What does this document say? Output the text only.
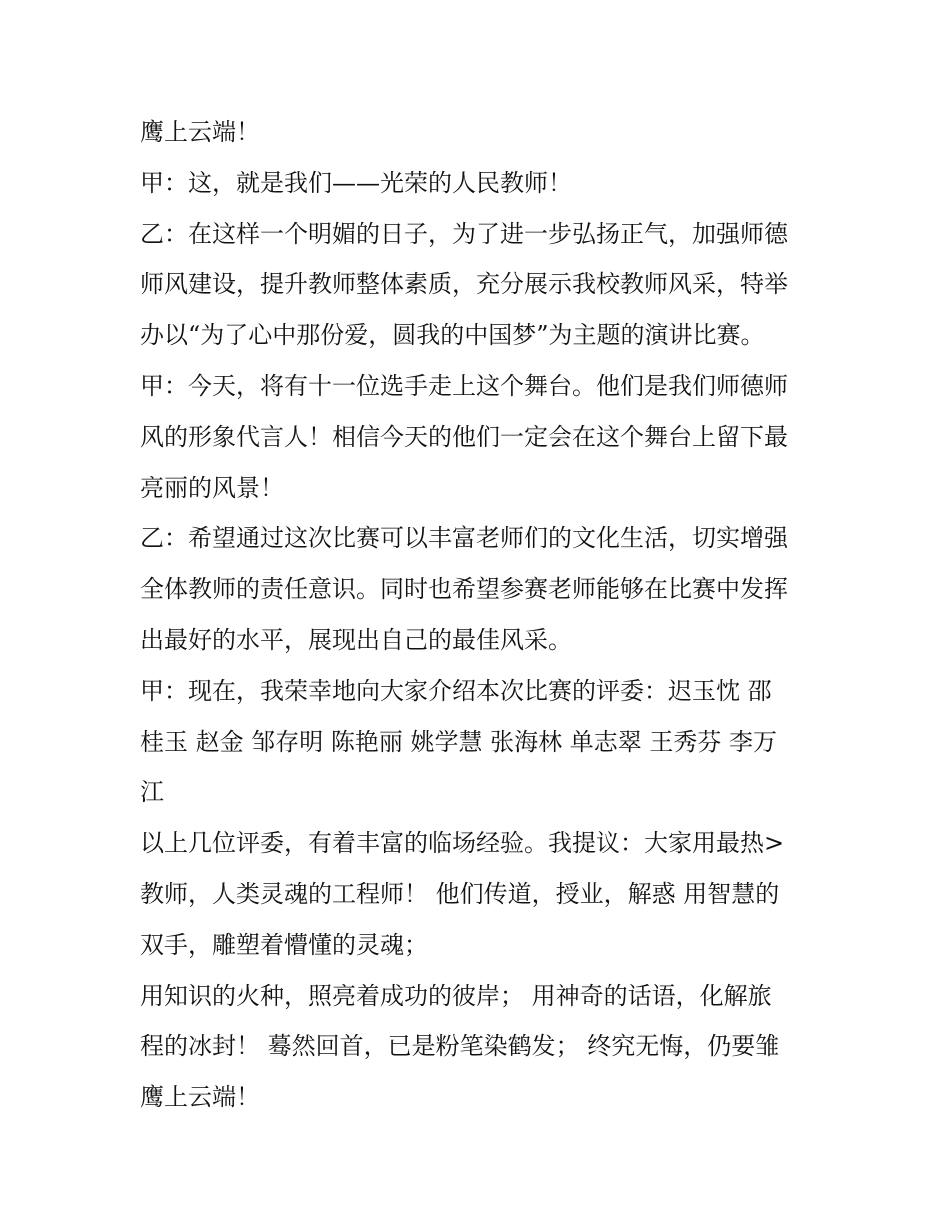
鹰上云端！
甲：这，就是我们——光荣的人民教师！
乙：在这样一个明媚的日子，为了进一步弘扬正气，加强师德
师风建设，提升教师整体素质，充分展示我校教师风采，特举
办以“为了心中那份爱，圆我的中国梦”为主题的演讲比赛。
甲：今天，将有十一位选手走上这个舞台。他们是我们师德师
风的形象代言人！相信今天的他们一定会在这个舞台上留下最
亮丽的风景！
乙：希望通过这次比赛可以丰富老师们的文化生活，切实增强
全体教师的责任意识。同时也希望参赛老师能够在比赛中发挥
出最好的水平，展现出自己的最佳风采。
甲：现在，我荣幸地向大家介绍本次比赛的评委：迟玉忱 邵
桂玉 赵金 邹存明 陈艳丽 姚学慧 张海林 单志翠 王秀芬 李万
江
以上几位评委，有着丰富的临场经验。我提议：大家用最热>
教师，人类灵魂的工程师！ 他们传道，授业，解惑 用智慧的
双手，雕塑着懵懂的灵魂；
用知识的火种，照亮着成功的彼岸； 用神奇的话语，化解旅
程的冰封！ 蓦然回首，已是粉笔染鹤发； 终究无悔，仍要雏
鹰上云端！
